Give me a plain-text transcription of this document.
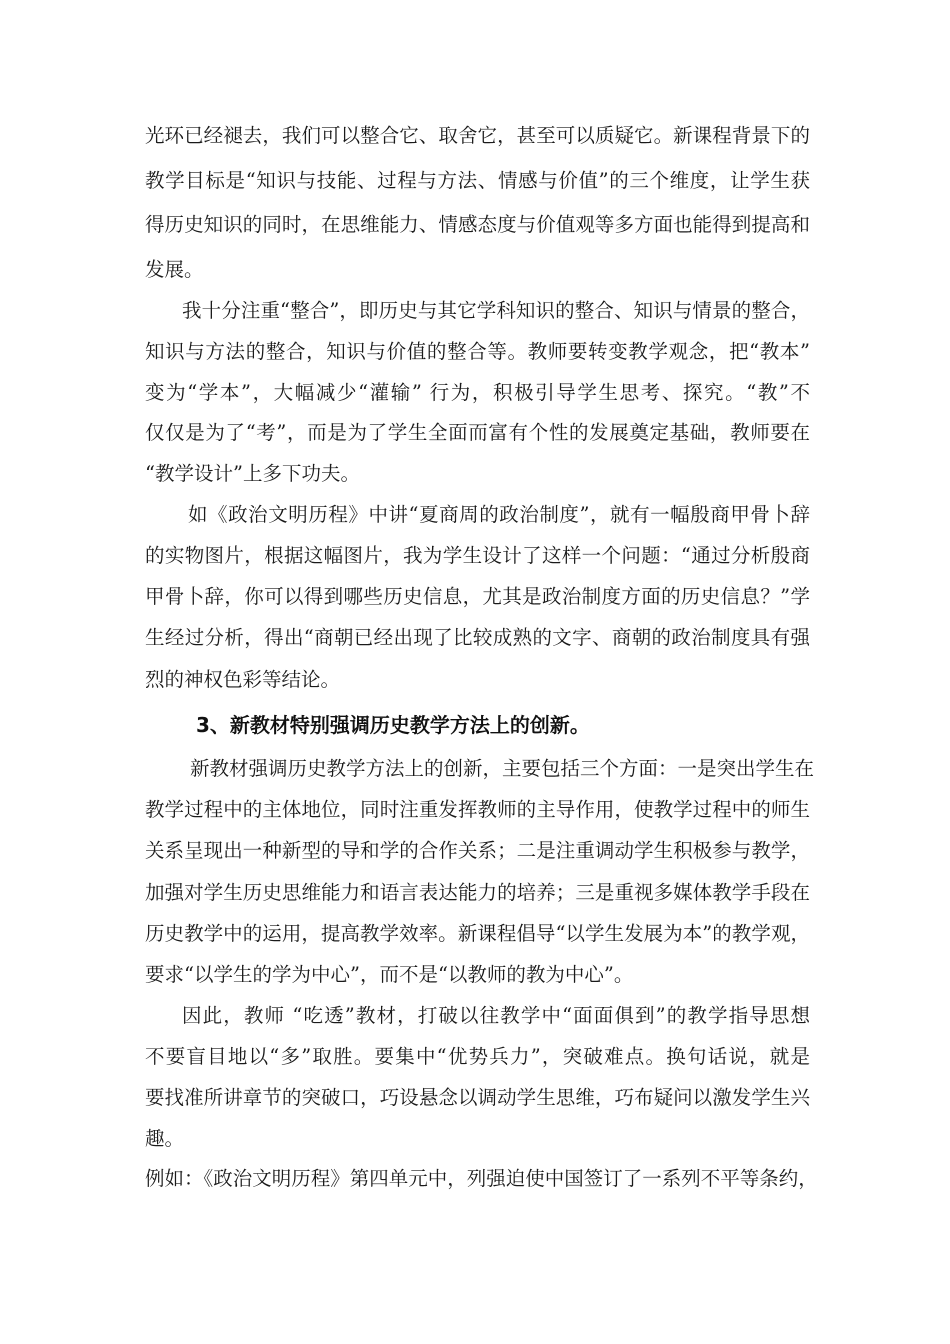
光环已经褪去，我们可以整合它、取舍它，甚至可以质疑它。新课程背景下的
教学目标是“知识与技能、过程与方法、情感与价值”的三个维度，让学生获
得历史知识的同时，在思维能力、情感态度与价值观等多方面也能得到提高和
发展。
我十分注重“整合”，即历史与其它学科知识的整合、知识与情景的整合，
知识与方法的整合，知识与价值的整合等。教师要转变教学观念，把“教本”
变为“学本”，大幅减少“灌输” 行为，积极引导学生思考、探究。“教”不
仅仅是为了“考”，而是为了学生全面而富有个性的发展奠定基础，教师要在
“教学设计”上多下功夫。
如《政治文明历程》中讲“夏商周的政治制度”，就有一幅殷商甲骨卜辞
的实物图片，根据这幅图片，我为学生设计了这样一个问题：“通过分析殷商
甲骨卜辞，你可以得到哪些历史信息，尤其是政治制度方面的历史信息？”学
生经过分析，得出“商朝已经出现了比较成熟的文字、商朝的政治制度具有强
烈的神权色彩等结论。
3、新教材特别强调历史教学方法上的创新。
新教材强调历史教学方法上的创新，主要包括三个方面：一是突出学生在
教学过程中的主体地位，同时注重发挥教师的主导作用，使教学过程中的师生
关系呈现出一种新型的导和学的合作关系；二是注重调动学生积极参与教学，
加强对学生历史思维能力和语言表达能力的培养；三是重视多媒体教学手段在
历史教学中的运用，提高教学效率。新课程倡导“以学生发展为本”的教学观，
要求“以学生的学为中心”，而不是“以教师的教为中心”。
因此，教师 “吃透”教材，打破以往教学中“面面俱到”的教学指导思想
不要盲目地以“多”取胜。要集中“优势兵力”，突破难点。换句话说，就是
要找准所讲章节的突破口，巧设悬念以调动学生思维，巧布疑问以激发学生兴
趣。
例如：《政治文明历程》第四单元中，列强迫使中国签订了一系列不平等条约，
